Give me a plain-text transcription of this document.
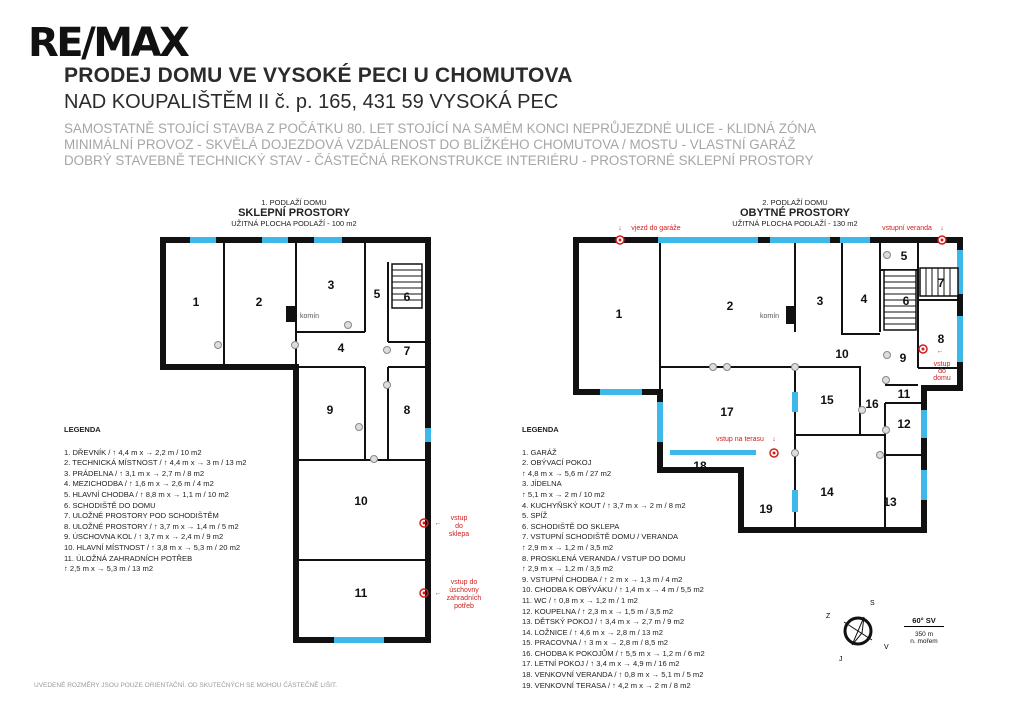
RE/MAX
PRODEJ DOMU VE VYSOKÉ PECI U CHOMUTOVA
NAD KOUPALIŠTĚM II č. p. 165, 431 59 VYSOKÁ PEC
SAMOSTATNĚ STOJÍCÍ STAVBA Z POČÁTKU 80. LET STOJÍCÍ NA SAMÉM KONCI NEPRŮJEZDNÉ ULICE - KLIDNÁ ZÓNA
MINIMÁLNÍ PROVOZ - SKVĚLÁ DOJEZDOVÁ VZDÁLENOST DO BLÍŽKÉHO CHOMUTOVA / MOSTU - VLASTNÍ GARÁŽ
DOBRÝ STAVEBNĚ TECHNICKÝ STAV - ČÁSTEČNÁ REKONSTRUKCE INTERIÉRU - PROSTORNÉ SKLEPNÍ PROSTORY
1. PODLAŽÍ DOMU
SKLEPNÍ PROSTORY
UŽITNÁ PLOCHA PODLAŽÍ - 100 m2
2. PODLAŽÍ DOMU
OBYTNÉ PROSTORY
UŽITNÁ PLOCHA PODLAŽÍ - 130 m2
komín
1	2
3
4
5 6
7
8
9
10
11
←
vstup
do
sklepa
←
vstup do
úschovny
zahradních
potřeb
komín
1
2	3	4
5
6
7
8
9
10
11
12
13
14
16
17
18
19
15
↓ vjezd do garáže	vstupní veranda ↓
vstup na terasu ↓
←
vstup
do
domu
S
J
V
Z
LEGENDA
1. DŘEVNÍK / ↑ 4,4 m x → 2,2 m / 10 m2
2. TECHNICKÁ MÍSTNOST / ↑ 4,4 m x → 3 m / 13 m2
3. PRÁDELNA / ↑ 3,1 m x → 2,7 m / 8 m2
4. MEZICHODBA / ↑ 1,6 m x → 2,6 m / 4 m2
5. HLAVNÍ CHODBA / ↑ 8,8 m x → 1,1 m / 10 m2
6. SCHODIŠTĚ DO DOMU
7. ULOŽNÉ PROSTORY POD SCHODIŠTĚM
8. ULOŽNÉ PROSTORY / ↑ 3,7 m x → 1,4 m / 5 m2
9. ÚSCHOVNA KOL / ↑ 3,7 m x → 2,4 m / 9 m2
10. HLAVNÍ MÍSTNOST / ↑ 3,8 m x → 5,3 m / 20 m2
11. ÚLOŽNÁ ZAHRADNÍCH POTŘEB
↑ 2,5 m x → 5,3 m / 13 m2
LEGENDA
1. GARÁŽ
2. OBÝVACÍ POKOJ
↑ 4,8 m x → 5,6 m / 27 m2
3. JÍDELNA
↑ 5,1 m x → 2 m / 10 m2
4. KUCHYŇSKÝ KOUT / ↑ 3,7 m x → 2 m / 8 m2
5. SPÍŽ
6. SCHODIŠTĚ DO SKLEPA
7. VSTUPNÍ SCHODIŠTĚ DOMU / VERANDA
↑ 2,9 m x → 1,2 m / 3,5 m2
8. PROSKLENÁ VERANDA / VSTUP DO DOMU
↑ 2,9 m x → 1,2 m / 3,5 m2
9. VSTUPNÍ CHODBA / ↑ 2 m x → 1,3 m / 4 m2
10. CHODBA K OBÝVÁKU / ↑ 1,4 m x → 4 m / 5,5 m2
11. WC / ↑ 0,8 m x → 1,2 m / 1 m2
12. KOUPELNA / ↑ 2,3 m x → 1,5 m / 3,5 m2
13. DĚTSKÝ POKOJ / ↑ 3,4 m x → 2,7 m / 9 m2
14. LOŽNICE / ↑ 4,6 m x → 2,8 m / 13 m2
15. PRACOVNA / ↑ 3 m x → 2,8 m / 8,5 m2
16. CHODBA K POKOJŮM / ↑ 5,5 m x → 1,2 m / 6 m2
17. LETNÍ POKOJ / ↑ 3,4 m x → 4,9 m / 16 m2
18. VENKOVNÍ VERANDA / ↑ 0,8 m x → 5,1 m / 5 m2
19. VENKOVNÍ TERASA / ↑ 4,2 m x → 2 m / 8 m2
60° SV
350 m
n. mořem
UVEDENÉ ROZMĚRY JSOU POUZE ORIENTAČNÍ. OD SKUTEČNÝCH SE MOHOU ČÁSTEČNĚ LIŠIT.
